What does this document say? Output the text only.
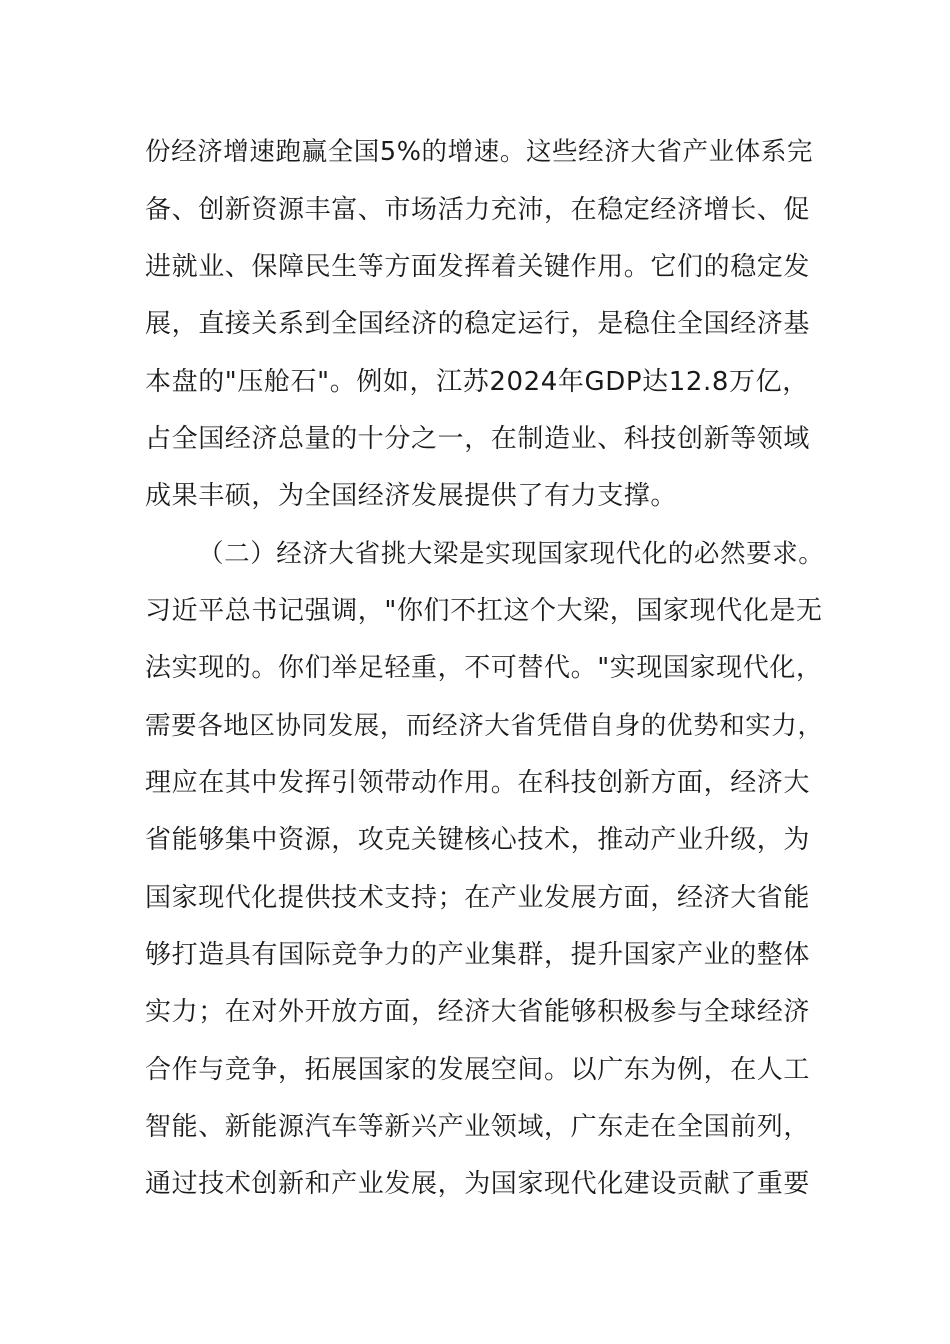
份经济增速跑赢全国5%的增速。这些经济大省产业体系完
备、创新资源丰富、市场活力充沛，在稳定经济增长、促
进就业、保障民生等方面发挥着关键作用。它们的稳定发
展，直接关系到全国经济的稳定运行，是稳住全国经济基
本盘的"压舱石"。例如，江苏2024年GDP达12.8万亿，
占全国经济总量的十分之一，在制造业、科技创新等领域
成果丰硕，为全国经济发展提供了有力支撑。
（二）经济大省挑大梁是实现国家现代化的必然要求。
习近平总书记强调，"你们不扛这个大梁，国家现代化是无
法实现的。你们举足轻重，不可替代。"实现国家现代化，
需要各地区协同发展，而经济大省凭借自身的优势和实力，
理应在其中发挥引领带动作用。在科技创新方面，经济大
省能够集中资源，攻克关键核心技术，推动产业升级，为
国家现代化提供技术支持；在产业发展方面，经济大省能
够打造具有国际竞争力的产业集群，提升国家产业的整体
实力；在对外开放方面，经济大省能够积极参与全球经济
合作与竞争，拓展国家的发展空间。以广东为例，在人工
智能、新能源汽车等新兴产业领域，广东走在全国前列，
通过技术创新和产业发展，为国家现代化建设贡献了重要
